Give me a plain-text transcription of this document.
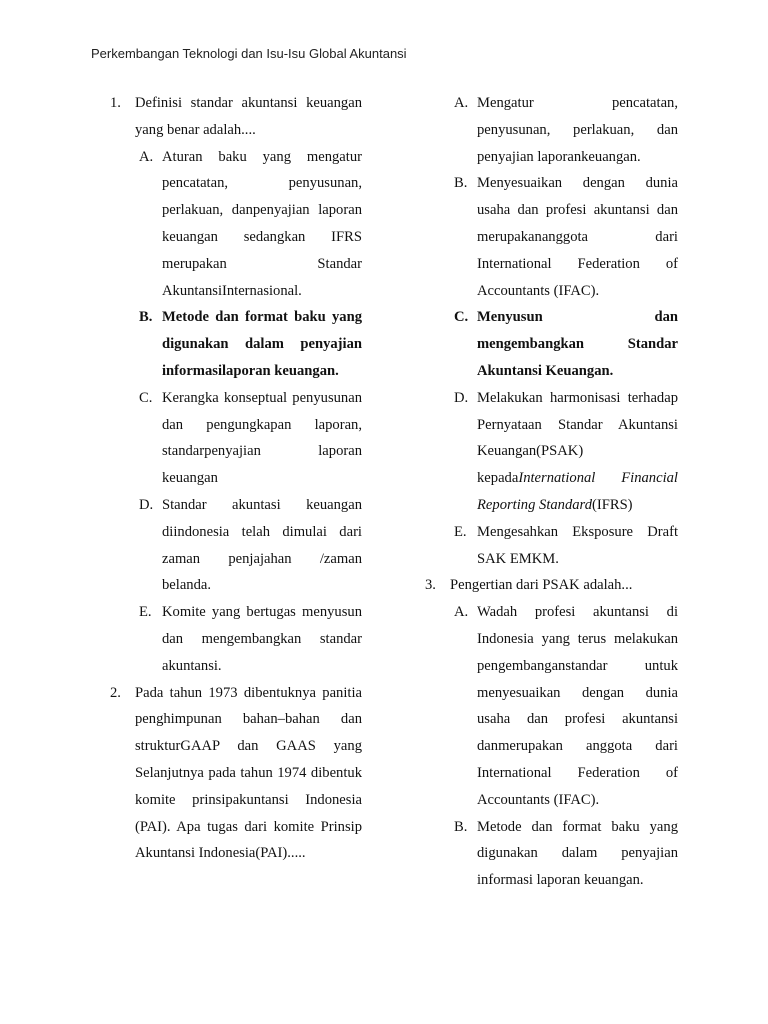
Perkembangan Teknologi dan Isu-Isu Global Akuntansi
1. Definisi standar akuntansi keuangan yang benar adalah....
A. Aturan baku yang mengatur pencatatan, penyusunan, perlakuan, danpenyajian laporan keuangan sedangkan IFRS merupakan Standar AkuntansiInternasional.
B. Metode dan format baku yang digunakan dalam penyajian informasilaporan keuangan.
C. Kerangka konseptual penyusunan dan pengungkapan laporan, standarpenyajian laporan keuangan
D. Standar akuntasi keuangan diindonesia telah dimulai dari zaman penjajahan /zaman belanda.
E. Komite yang bertugas menyusun dan mengembangkan standar akuntansi.
2. Pada tahun 1973 dibentuknya panitia penghimpunan bahan–bahan dan strukturGAAP dan GAAS yang Selanjutnya pada tahun 1974 dibentuk komite prinsipakuntansi Indonesia (PAI). Apa tugas dari komite Prinsip Akuntansi Indonesia(PAI).....
A. Mengatur pencatatan, penyusunan, perlakuan, dan penyajian laporankeuangan.
B. Menyesuaikan dengan dunia usaha dan profesi akuntansi dan merupakananggota dari International Federation of Accountants (IFAC).
C. Menyusun dan mengembangkan Standar Akuntansi Keuangan.
D. Melakukan harmonisasi terhadap Pernyataan Standar Akuntansi Keuangan(PSAK) kepadaInternational Financial Reporting Standard(IFRS)
E. Mengesahkan Eksposure Draft SAK EMKM.
3. Pengertian dari PSAK adalah...
A. Wadah profesi akuntansi di Indonesia yang terus melakukan pengembanganstandar untuk menyesuaikan dengan dunia usaha dan profesi akuntansi danmerupakan anggota dari International Federation of Accountants (IFAC).
B. Metode dan format baku yang digunakan dalam penyajian informasi laporan keuangan.
